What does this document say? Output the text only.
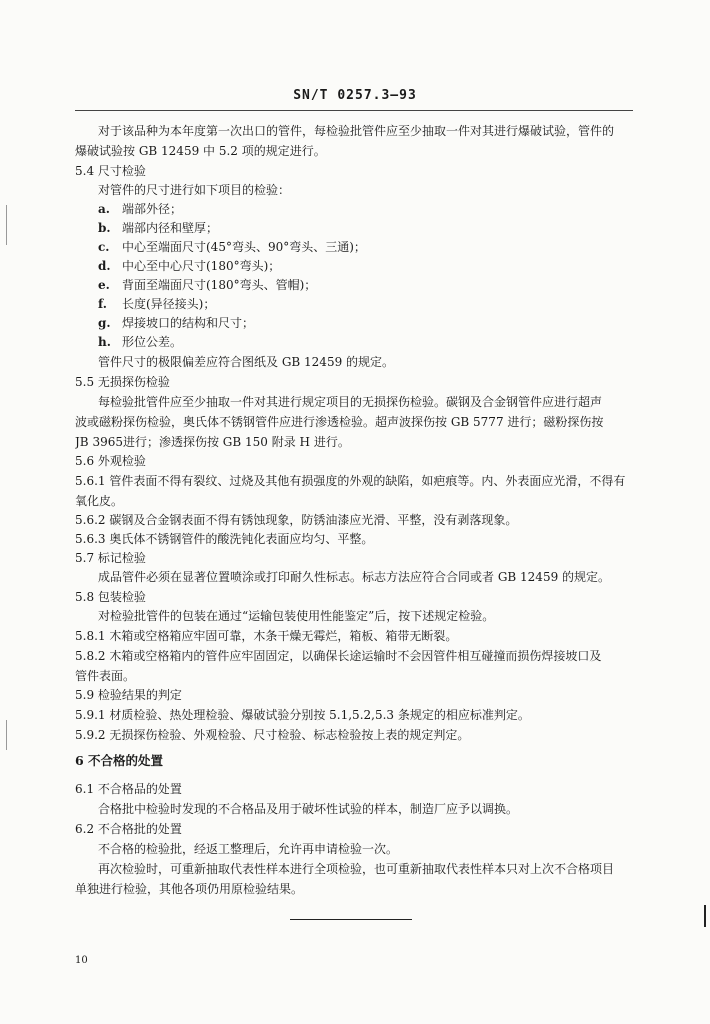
SN/T 0257.3—93
对于该品种为本年度第一次出口的管件，每检验批管件应至少抽取一件对其进行爆破试验，管件的
爆破试验按 GB 12459 中 5.2 项的规定进行。
5.4 尺寸检验
对管件的尺寸进行如下项目的检验：
a. 端部外径；
b. 端部内径和壁厚；
c. 中心至端面尺寸(45°弯头、90°弯头、三通)；
d. 中心至中心尺寸(180°弯头)；
e. 背面至端面尺寸(180°弯头、管帽)；
f. 长度(异径接头)；
g. 焊接坡口的结构和尺寸；
h. 形位公差。
管件尺寸的极限偏差应符合图纸及 GB 12459 的规定。
5.5 无损探伤检验
每检验批管件应至少抽取一件对其进行规定项目的无损探伤检验。碳钢及合金钢管件应进行超声
波或磁粉探伤检验，奥氏体不锈钢管件应进行渗透检验。超声波探伤按 GB 5777 进行；磁粉探伤按
JB 3965进行；渗透探伤按 GB 150 附录 H 进行。
5.6 外观检验
5.6.1 管件表面不得有裂纹、过烧及其他有损强度的外观的缺陷，如疤痕等。内、外表面应光滑，不得有
氧化皮。
5.6.2 碳钢及合金钢表面不得有锈蚀现象，防锈油漆应光滑、平整，没有剥落现象。
5.6.3 奥氏体不锈钢管件的酸洗钝化表面应均匀、平整。
5.7 标记检验
成品管件必须在显著位置喷涂或打印耐久性标志。标志方法应符合合同或者 GB 12459 的规定。
5.8 包装检验
对检验批管件的包装在通过“运输包装使用性能鉴定”后，按下述规定检验。
5.8.1 木箱或空格箱应牢固可靠，木条干燥无霉烂，箱板、箱带无断裂。
5.8.2 木箱或空格箱内的管件应牢固固定，以确保长途运输时不会因管件相互碰撞而损伤焊接坡口及
管件表面。
5.9 检验结果的判定
5.9.1 材质检验、热处理检验、爆破试验分别按 5.1,5.2,5.3 条规定的相应标准判定。
5.9.2 无损探伤检验、外观检验、尺寸检验、标志检验按上表的规定判定。
6 不合格的处置
6.1 不合格品的处置
合格批中检验时发现的不合格品及用于破坏性试验的样本，制造厂应予以调换。
6.2 不合格批的处置
不合格的检验批，经返工整理后，允许再申请检验一次。
再次检验时，可重新抽取代表性样本进行全项检验，也可重新抽取代表性样本只对上次不合格项目
单独进行检验，其他各项仍用原检验结果。
10
